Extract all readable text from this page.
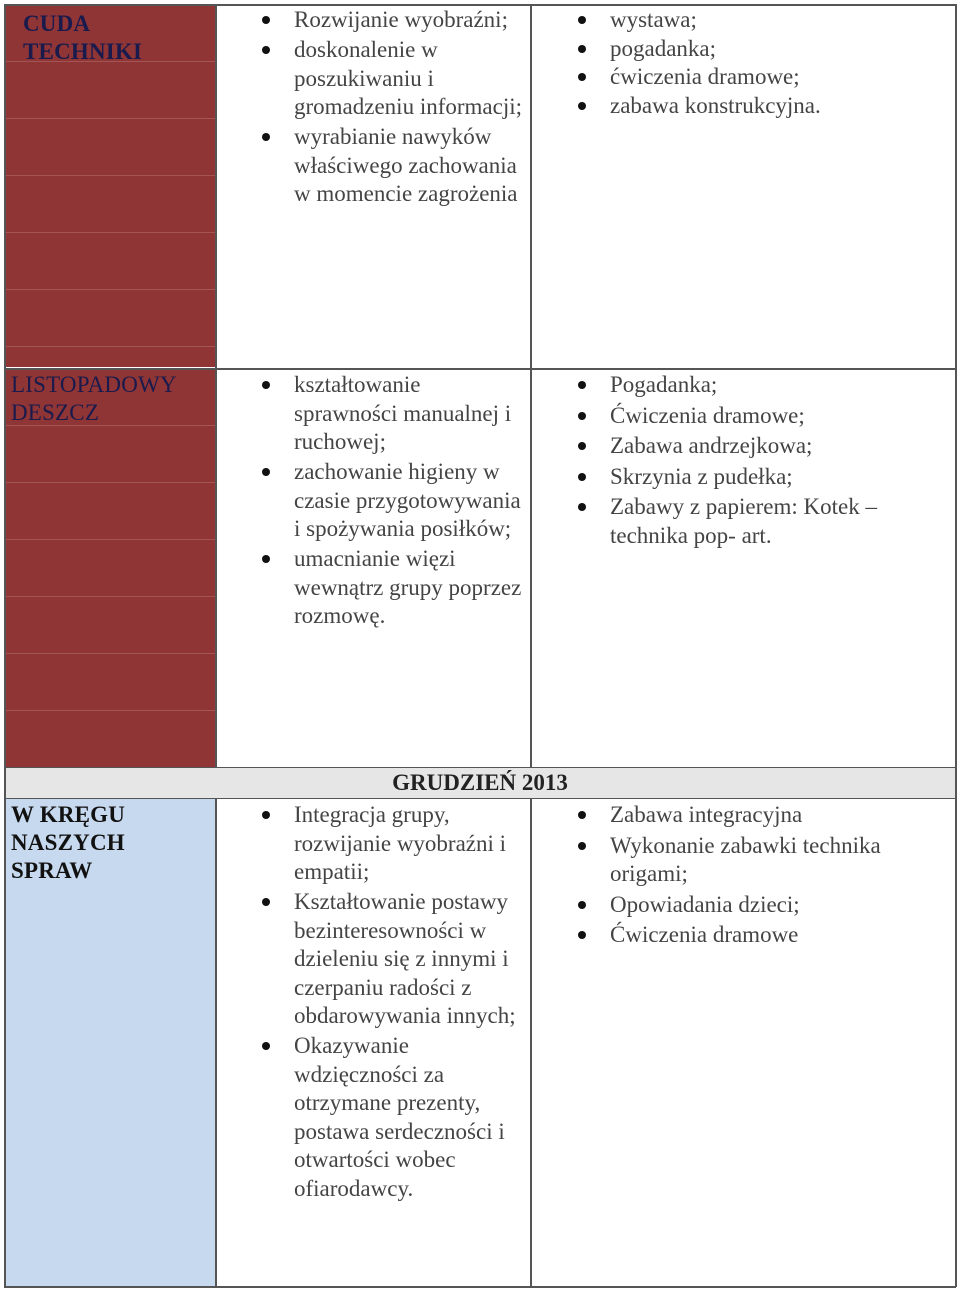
CUDA
TECHNIKI
Rozwijanie wyobraźni;
doskonalenie w poszukiwaniu i gromadzeniu informacji;
wyrabianie nawyków właściwego zachowania w momencie zagrożenia
wystawa;
pogadanka;
ćwiczenia dramowe;
zabawa konstrukcyjna.
LISTOPADOWY
DESZCZ
kształtowanie sprawności manualnej i ruchowej;
zachowanie higieny w czasie przygotowywania i spożywania posiłków;
umacnianie więzi wewnątrz grupy poprzez rozmowę.
Pogadanka;
Ćwiczenia dramowe;
Zabawa andrzejkowa;
Skrzynia z pudełka;
Zabawy z papierem: Kotek – technika pop- art.
GRUDZIEŃ 2013
W KRĘGU
NASZYCH
SPRAW
Integracja grupy, rozwijanie wyobraźni i empatii;
Kształtowanie postawy bezinteresowności w dzieleniu się z innymi i czerpaniu radości z obdarowywania innych;
Okazywanie wdzięczności za otrzymane prezenty, postawa serdeczności i otwartości wobec ofiarodawcy.
Zabawa integracyjna
Wykonanie zabawki technika origami;
Opowiadania dzieci;
Ćwiczenia dramowe
